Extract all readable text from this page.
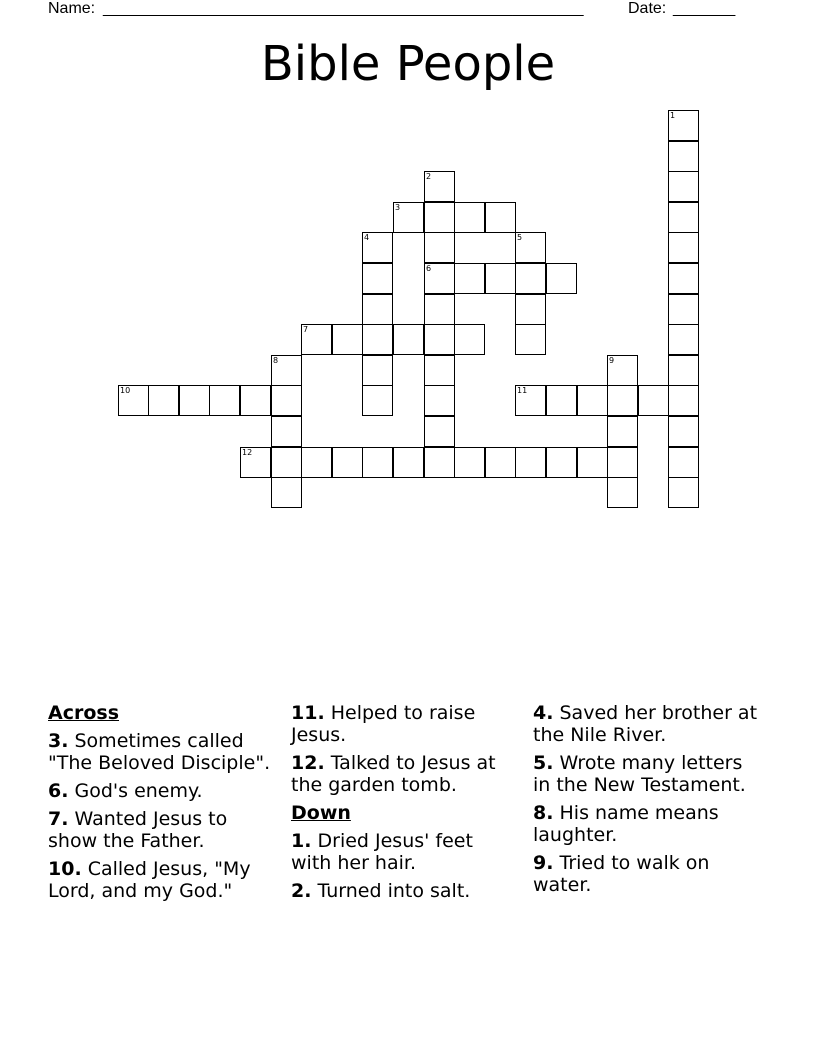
Name: ______________________________________________________	Date: _______
Bible People
1
2
6
3
4	5
7
8	9
10	11
12
Across
3. Sometimes called "The Beloved Disciple".
6. God's enemy.
7. Wanted Jesus to show the Father.
10. Called Jesus, "My Lord, and my God."
11. Helped to raise Jesus.
12. Talked to Jesus at the garden tomb.
Down
1. Dried Jesus' feet with her hair.
2. Turned into salt.
4. Saved her brother at the Nile River.
5. Wrote many letters in the New Testament.
8. His name means laughter.
9. Tried to walk on water.
